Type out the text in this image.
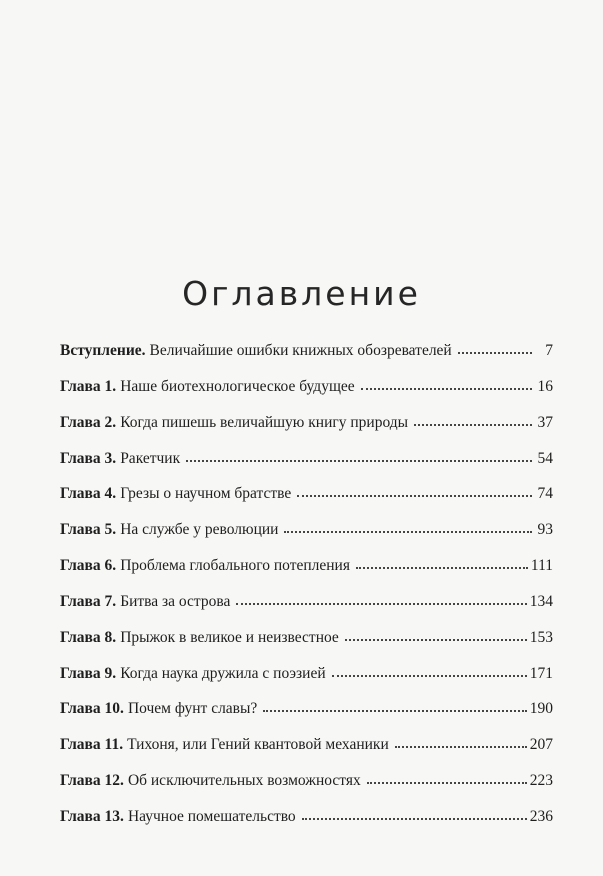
Оглавление
Вступление. Величайшие ошибки книжных обозревателей	7
Глава 1. Наше биотехнологическое будущее	16
Глава 2. Когда пишешь величайшую книгу природы	37
Глава 3. Ракетчик	54
Глава 4. Грезы о научном братстве	74
Глава 5. На службе у революции	93
Глава 6. Проблема глобального потепления	111
Глава 7. Битва за острова	134
Глава 8. Прыжок в великое и неизвестное	153
Глава 9. Когда наука дружила с поэзией	171
Глава 10. Почем фунт славы?	190
Глава 11. Тихоня, или Гений квантовой механики	207
Глава 12. Об исключительных возможностях	223
Глава 13. Научное помешательство	236
